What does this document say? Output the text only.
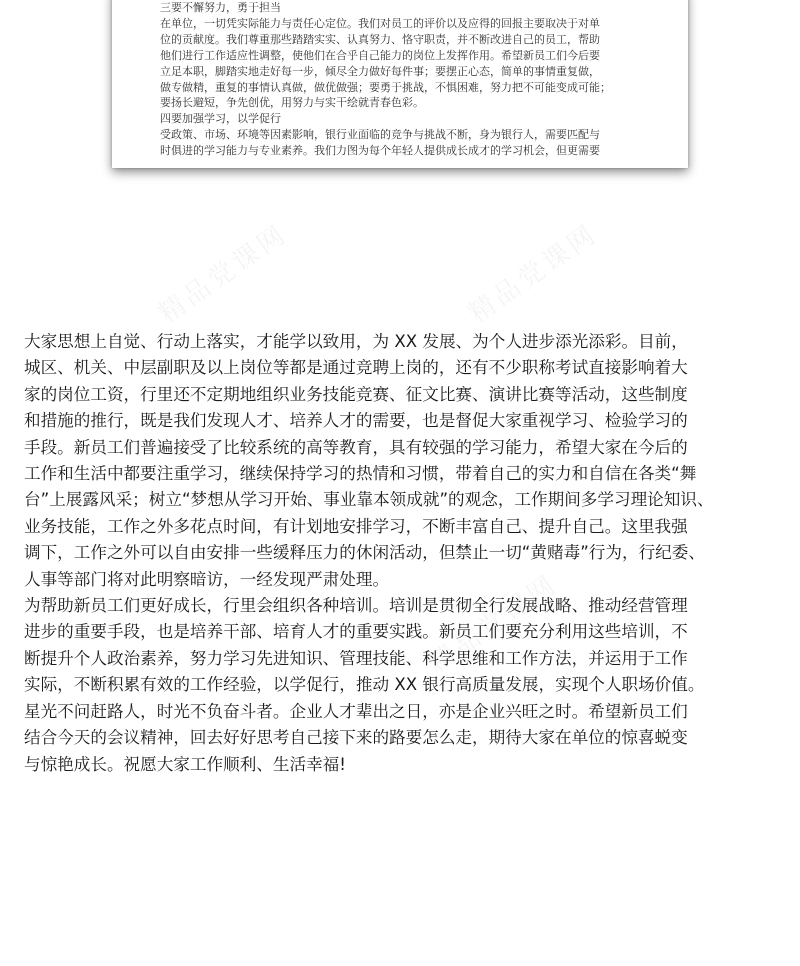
三要不懈努力，勇于担当
在单位，一切凭实际能力与责任心定位。我们对员工的评价以及应得的回报主要取决于对单
位的贡献度。我们尊重那些踏踏实实、认真努力、恪守职责，并不断改进自己的员工，帮助
他们进行工作适应性调整，使他们在合乎自己能力的岗位上发挥作用。希望新员工们今后要
立足本职，脚踏实地走好每一步，倾尽全力做好每件事；要摆正心态，简单的事情重复做，
做专做精，重复的事情认真做，做优做强；要勇于挑战，不惧困难，努力把不可能变成可能；
要扬长避短，争先创优，用努力与实干绘就青春色彩。
四要加强学习，以学促行
受政策、市场、环境等因素影响，银行业面临的竞争与挑战不断，身为银行人，需要匹配与
时俱进的学习能力与专业素养。我们力图为每个年轻人提供成长成才的学习机会，但更需要
大家思想上自觉、行动上落实，才能学以致用，为 XX 发展、为个人进步添光添彩。目前，
城区、机关、中层副职及以上岗位等都是通过竞聘上岗的，还有不少职称考试直接影响着大
家的岗位工资，行里还不定期地组织业务技能竞赛、征文比赛、演讲比赛等活动，这些制度
和措施的推行，既是我们发现人才、培养人才的需要，也是督促大家重视学习、检验学习的
手段。新员工们普遍接受了比较系统的高等教育，具有较强的学习能力，希望大家在今后的
工作和生活中都要注重学习，继续保持学习的热情和习惯，带着自己的实力和自信在各类“舞
台”上展露风采；树立“梦想从学习开始、事业靠本领成就”的观念，工作期间多学习理论知识、
业务技能，工作之外多花点时间，有计划地安排学习，不断丰富自己、提升自己。这里我强
调下，工作之外可以自由安排一些缓释压力的休闲活动，但禁止一切“黄赌毒”行为，行纪委、
人事等部门将对此明察暗访，一经发现严肃处理。
为帮助新员工们更好成长，行里会组织各种培训。培训是贯彻全行发展战略、推动经营管理
进步的重要手段，也是培养干部、培育人才的重要实践。新员工们要充分利用这些培训，不
断提升个人政治素养，努力学习先进知识、管理技能、科学思维和工作方法，并运用于工作
实际，不断积累有效的工作经验，以学促行，推动 XX 银行高质量发展，实现个人职场价值。
星光不问赶路人，时光不负奋斗者。企业人才辈出之日，亦是企业兴旺之时。希望新员工们
结合今天的会议精神，回去好好思考自己接下来的路要怎么走，期待大家在单位的惊喜蜕变
与惊艳成长。祝愿大家工作顺利、生活幸福!
